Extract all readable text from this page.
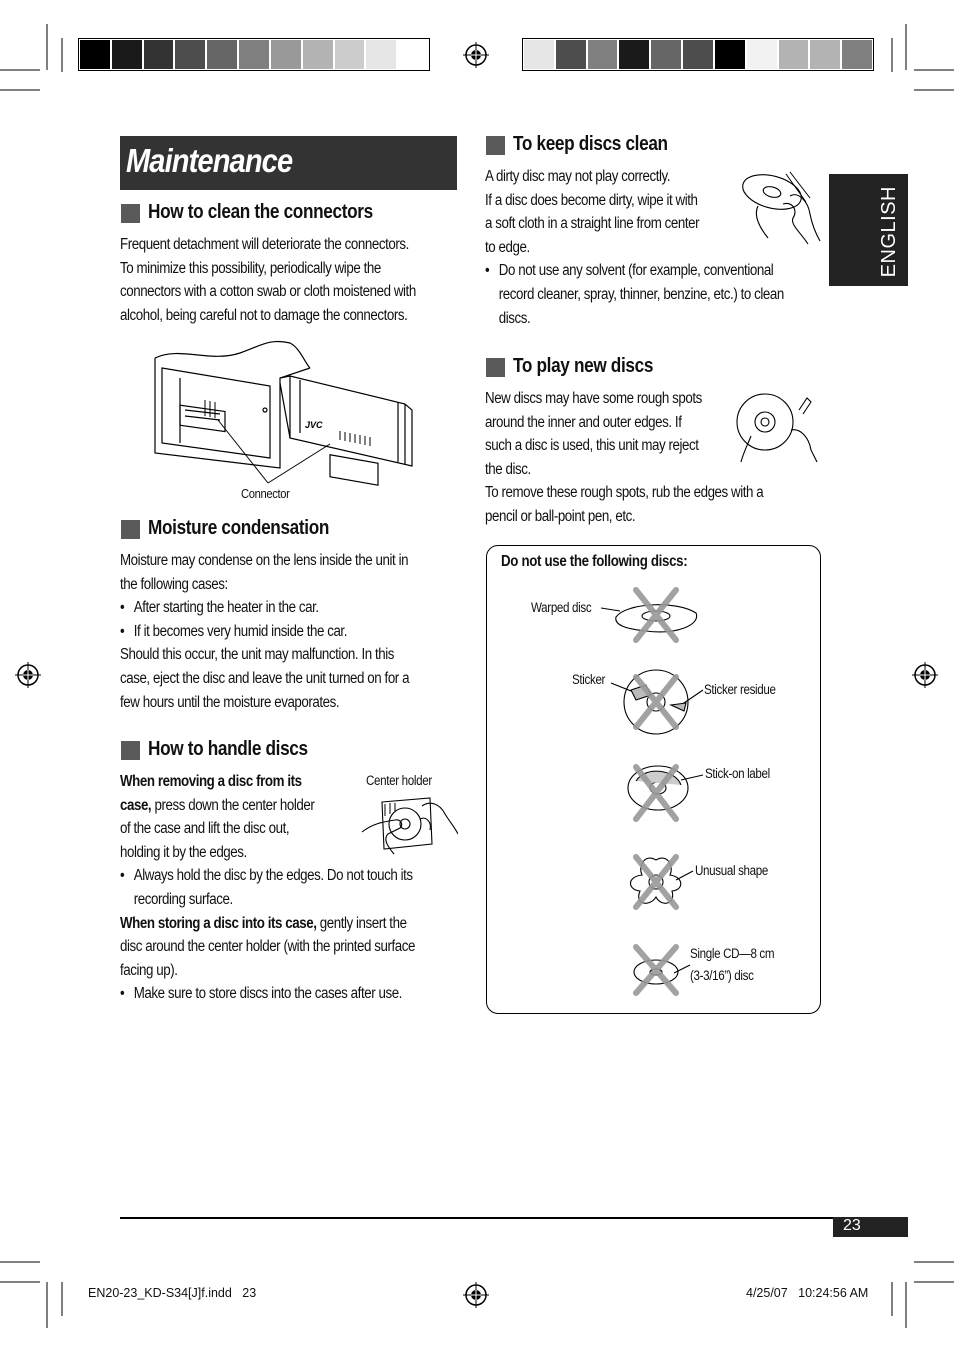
ENGLISH
Maintenance
How to clean the connectors
Frequent detachment will deteriorate the connectors.
To minimize this possibility, periodically wipe the
connectors with a cotton swab or cloth moistened with
alcohol, being careful not to damage the connectors.
JVC
Connector
Moisture condensation
Moisture may condense on the lens inside the unit in
the following cases:
• After starting the heater in the car.
• If it becomes very humid inside the car.
Should this occur, the unit may malfunction. In this
case, eject the disc and leave the unit turned on for a
few hours until the moisture evaporates.
How to handle discs
When removing a disc from its
case, press down the center holder
of the case and lift the disc out,
holding it by the edges.
• Always hold the disc by the edges. Do not touch its
recording surface.
When storing a disc into its case, gently insert the
disc around the center holder (with the printed surface
facing up).
• Make sure to store discs into the cases after use.
Center holder
To keep discs clean
A dirty disc may not play correctly.
If a disc does become dirty, wipe it with
a soft cloth in a straight line from center
to edge.
• Do not use any solvent (for example, conventional
record cleaner, spray, thinner, benzine, etc.) to clean
discs.
To play new discs
New discs may have some rough spots
around the inner and outer edges. If
such a disc is used, this unit may reject
the disc.
To remove these rough spots, rub the edges with a
pencil or ball-point pen, etc.
Do not use the following discs:
Warped disc
Sticker
Sticker residue
Stick-on label
Unusual shape
Single CD—8 cm
(3-3/16”) disc
23
EN20-23_KD-S34[J]f.indd   23	4/25/07   10:24:56 AM
